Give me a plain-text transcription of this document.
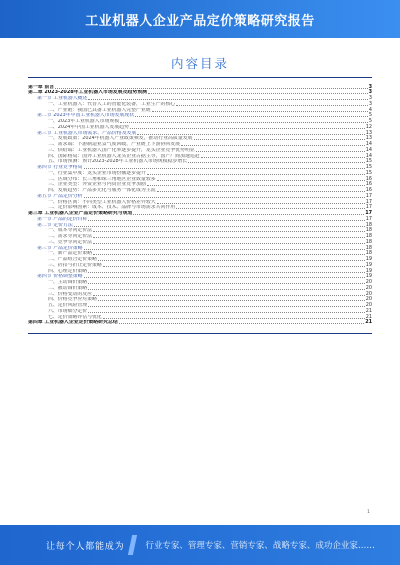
工业机器人企业产品定价策略研究报告
内容目录
第一章 前言	3
第二章 2023-2028年工业机器人市场发展及趋势预测	3
第一节 工业机器人概述	3
一、工业机器人：代替人工的智能化装备，工业生产的核心	3
二、产业链：我国已具备工业机器人完整产业链	4
第二节 2023年中国工业机器人市场发展现状	5
一、2023年工业机器人市场规模	5
二、2024年中国工业机器人发展趋势	12
第三节 工业机器人市场需求、产品价格及发展	13
一、发展政策：2024年机器人产业政策频发，推动行业高质量发展	13
二、需求端：下游制造业景气度回暖，产业链上下游协同发展	14
三、供给端：工业机器人国产化率逐步提升，龙头企业竞争优势明显	14
四、国际格局：国外工业机器人龙头企业占据主导，国产厂商加速追赶	14
五、市场预测：预计2023-2028年工业机器人市场规模稳步增长	15
第四节 行业竞争格局	15
一、行业集中度：龙头企业市场份额逐步提升	15
二、区域分布：长三角和珠三角地区企业数量较多	16
三、企业类型：外资企业与内资企业竞争加剧	16
四、发展趋势：产品多元化与服务一体化成为主流	16
第五节 产品定价分析	17
一、价格区间：不同类型工业机器人价格差异较大	17
二、定价影响因素：成本、技术、品牌与市场需求共同作用	17
第三章 工业机器人企业产品定价策略研究与规划	17
第一节 产品的定价目标	17
第二节 定价方法	18
一、成本导向定价法	18
二、需求导向定价法	18
三、竞争导向定价法	18
第三节 产品定价策略	18
一、新产品定价策略	18
二、产品组合定价策略	19
三、折扣与折让定价策略	19
四、心理定价策略	19
第四节 价格调整策略	19
一、主动调价策略	20
二、被动调价策略	20
三、价格变动的反应	20
四、价格竞争应对策略	20
五、定价风险管理	20
六、市场细分定价	21
七、定价策略评估与优化	21
第四章 工业机器人企业定价策略研究总结	21
1
让每个人都能成为 行业专家、管理专家、营销专家、战略专家、成功企业家……
